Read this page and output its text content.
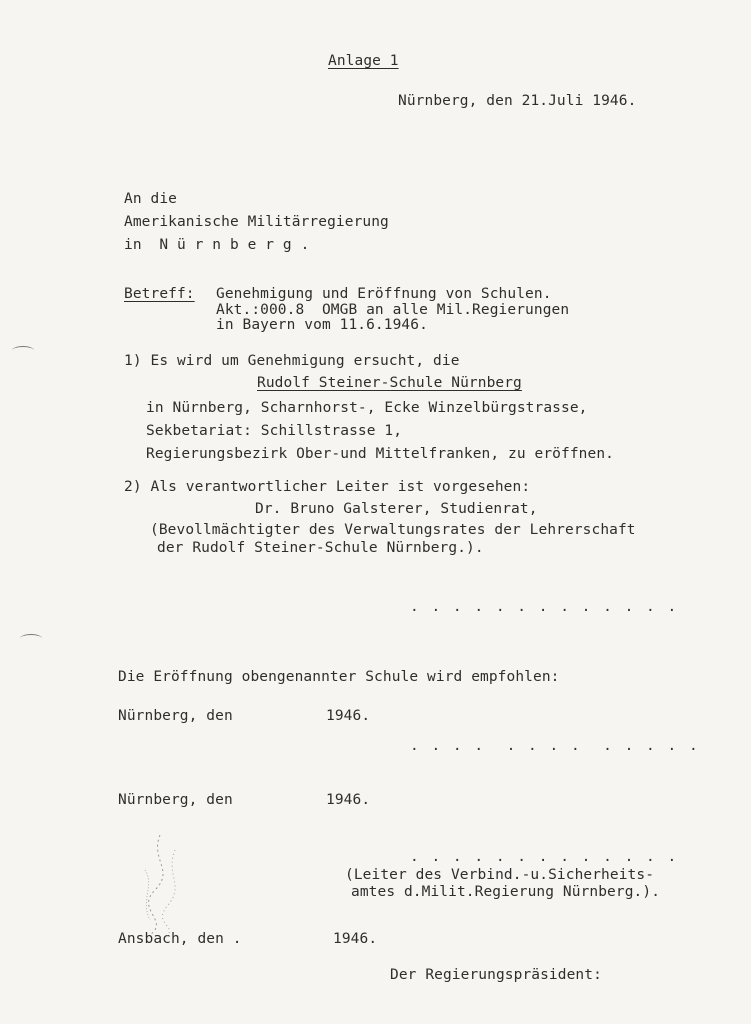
Anlage 1
Nürnberg, den 21.Juli 1946.
An die
Amerikanische Militärregierung
in  N ü r n b e r g .
Betreff: Genehmigung und Eröffnung von Schulen.
Akt.:000.8  OMGB an alle Mil.Regierungen
in Bayern vom 11.6.1946.
1) Es wird um Genehmigung ersucht, die
Rudolf Steiner-Schule Nürnberg
in Nürnberg, Scharnhorst-, Ecke Winzelbürgstrasse,
Sekbetariat: Schillstrasse 1,
Regierungsbezirk Ober-und Mittelfranken, zu eröffnen.
2) Als verantwortlicher Leiter ist vorgesehen:
Dr. Bruno Galsterer, Studienrat,
(Bevollmächtigter des Verwaltungsrates der Lehrerschaft
der Rudolf Steiner-Schule Nürnberg.).
. . . . . . . . . . . . .
Die Eröffnung obengenannter Schule wird empfohlen:
Nürnberg, den	1946.
. . . .  . . . .  . . . . .
Nürnberg, den	1946.
. . . . . . . . . . . . .
(Leiter des Verbind.-u.Sicherheits-
amtes d.Milit.Regierung Nürnberg.).
Ansbach, den .	1946.
Der Regierungspräsident:
